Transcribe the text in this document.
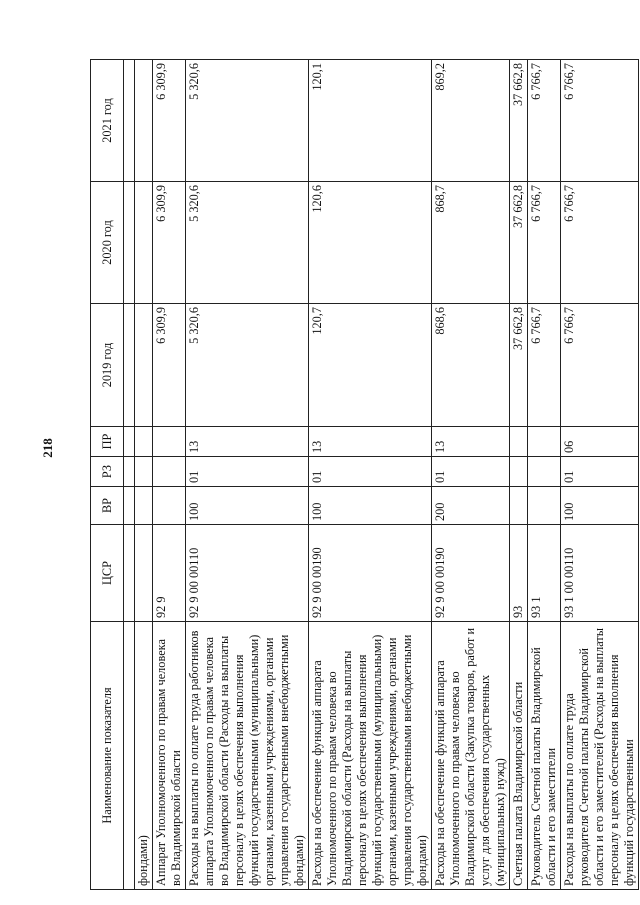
218
Наименование показателя	ЦСР	ВР	РЗ	ПР	2019 год	2020 год	2021 год

фондами)							
Аппарат Уполномоченного по правам человека во Владимирской области	92 9				6 309,9	6 309,9	6 309,9
Расходы на выплаты по оплате труда работников аппарата Уполномоченного по правам человека во Владимирской области (Расходы на выплаты персоналу в целях обеспечения выполнения функций государственными (муниципальными) органами, казенными учреждениями, органами управления государственными внебюджетными фондами)	92 9 00 00110	100	01	13	5 320,6	5 320,6	5 320,6
Расходы на обеспечение функций аппарата Уполномоченного по правам человека во Владимирской области (Расходы на выплаты персоналу в целях обеспечения выполнения функций государственными (муниципальными) органами, казенными учреждениями, органами управления государственными внебюджетными фондами)	92 9 00 00190	100	01	13	120,7	120,6	120,1
Расходы на обеспечение функций аппарата Уполномоченного по правам человека во Владимирской области (Закупка товаров, работ и услуг для обеспечения государственных (муниципальных) нужд)	92 9 00 00190	200	01	13	868,6	868,7	869,2
Счетная палата Владимирской области	93				37 662,8	37 662,8	37 662,8
Руководитель Счетной палаты Владимирской области и его заместители	93 1				6 766,7	6 766,7	6 766,7
Расходы на выплаты по оплате труда руководителя Счетной палаты Владимирской области и его заместителей (Расходы на выплаты персоналу в целях обеспечения выполнения функций государственными	93 1 00 00110	100	01	06	6 766,7	6 766,7	6 766,7
